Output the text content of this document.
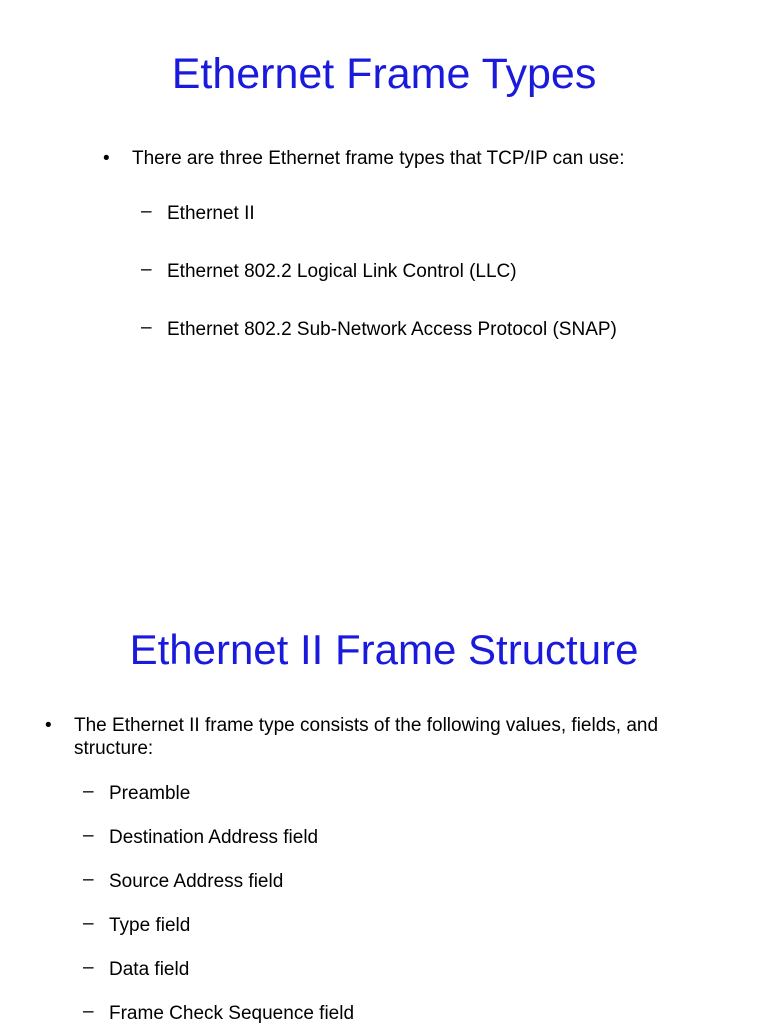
Ethernet Frame Types
• There are three Ethernet frame types that TCP/IP can use:
– Ethernet II
– Ethernet 802.2 Logical Link Control (LLC)
– Ethernet 802.2 Sub-Network Access Protocol (SNAP)
Ethernet II Frame Structure
• The Ethernet II frame type consists of the following values, fields, and structure:
– Preamble
– Destination Address field
– Source Address field
– Type field
– Data field
– Frame Check Sequence field
